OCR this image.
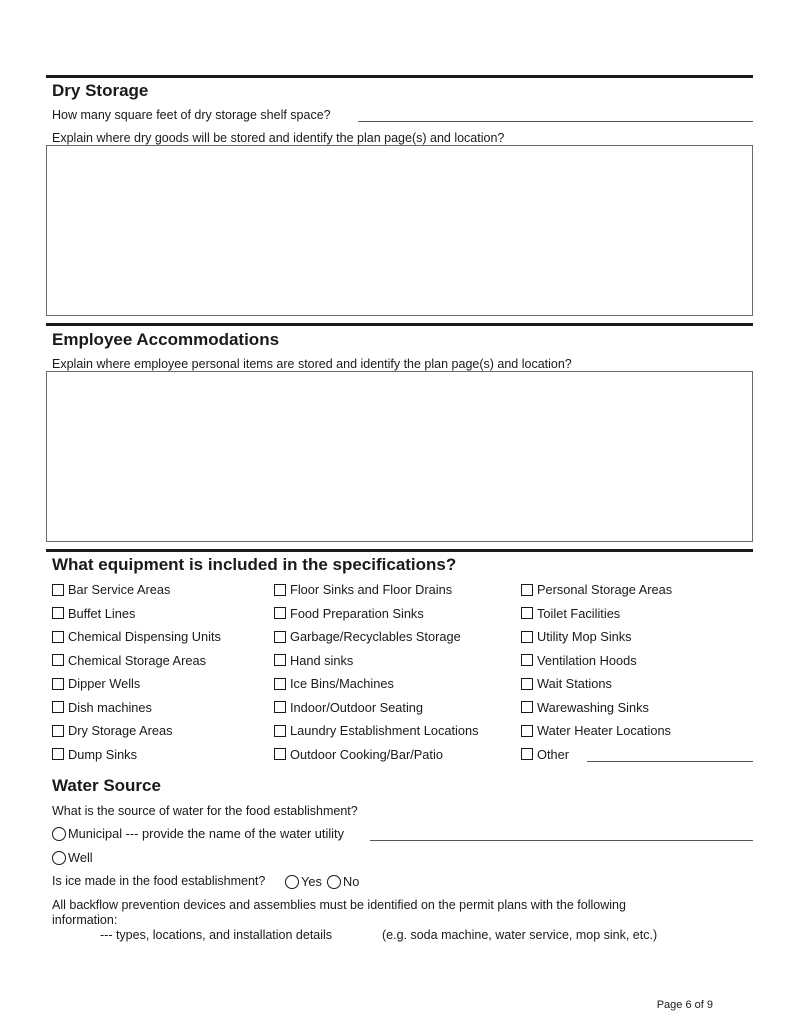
Dry Storage
How many square feet of dry storage shelf space?
Explain where dry goods will be stored and identify the plan page(s) and location?
Employee Accommodations
Explain where employee personal items are stored and identify the plan page(s) and location?
What equipment is included in the specifications?
Bar Service Areas
Buffet Lines
Chemical Dispensing Units
Chemical Storage Areas
Dipper Wells
Dish machines
Dry Storage Areas
Dump Sinks
Floor Sinks and Floor Drains
Food Preparation Sinks
Garbage/Recyclables Storage
Hand sinks
Ice Bins/Machines
Indoor/Outdoor Seating
Laundry Establishment Locations
Outdoor Cooking/Bar/Patio
Personal Storage Areas
Toilet Facilities
Utility Mop Sinks
Ventilation Hoods
Wait Stations
Warewashing Sinks
Water Heater Locations
Other
Water Source
What is the source of water for the food establishment?
Municipal --- provide the name of the water utility
Well
Is ice made in the food establishment?	Yes No
All backflow prevention devices and assemblies must be identified on the permit plans with the following
information:
--- types, locations, and installation details	(e.g. soda machine, water service, mop sink, etc.)
Page 6 of 9
